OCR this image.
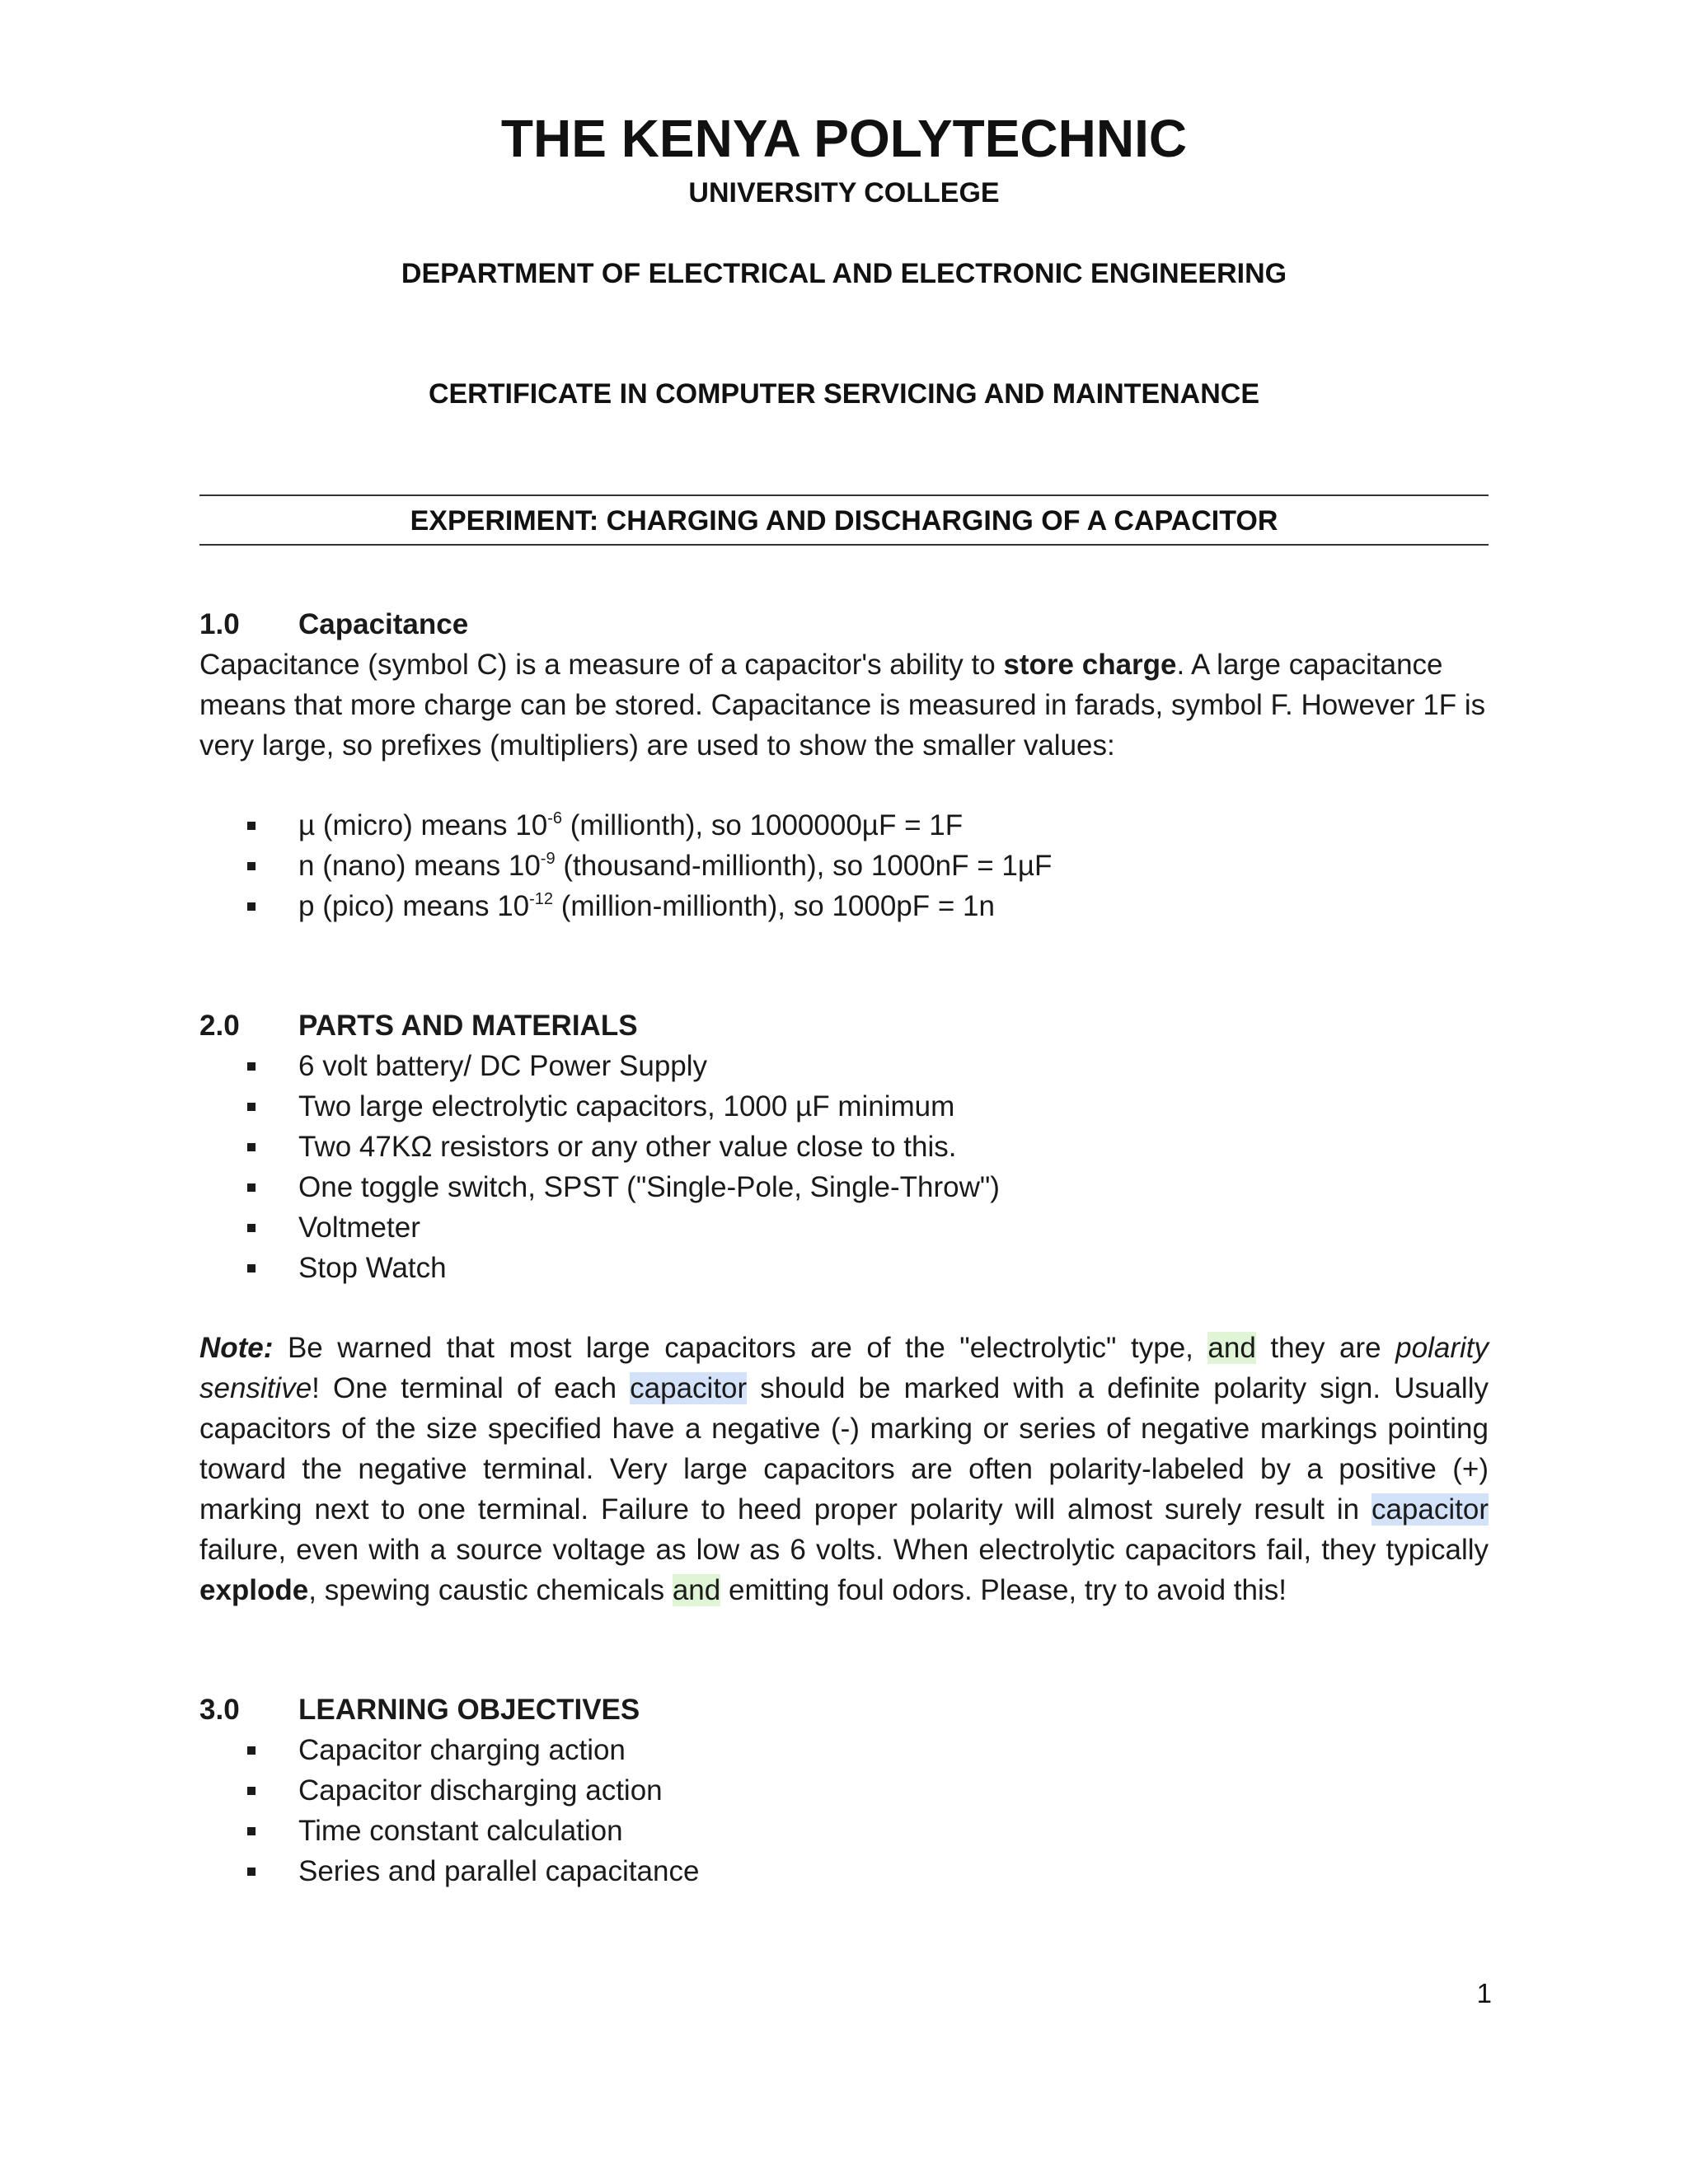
THE KENYA POLYTECHNIC
UNIVERSITY COLLEGE
DEPARTMENT OF ELECTRICAL AND ELECTRONIC ENGINEERING
CERTIFICATE IN COMPUTER SERVICING AND MAINTENANCE
EXPERIMENT: CHARGING AND DISCHARGING OF A CAPACITOR
1.0 Capacitance
Capacitance (symbol C) is a measure of a capacitor's ability to store charge. A large capacitance means that more charge can be stored. Capacitance is measured in farads, symbol F. However 1F is very large, so prefixes (multipliers) are used to show the smaller values:
µ (micro) means $10^{-6}$ (millionth), so 1000000µF = 1F
n (nano) means $10^{-9}$ (thousand-millionth), so 1000nF = 1µF
p (pico) means $10^{-12}$ (million-millionth), so 1000pF = 1n
2.0 PARTS AND MATERIALS
6 volt battery/ DC Power Supply
Two large electrolytic capacitors, 1000 µF minimum
Two 47KΩ resistors or any other value close to this.
One toggle switch, SPST ("Single-Pole, Single-Throw")
Voltmeter
Stop Watch
Note: Be warned that most large capacitors are of the "electrolytic" type, and they are polarity sensitive! One terminal of each capacitor should be marked with a definite polarity sign. Usually capacitors of the size specified have a negative (-) marking or series of negative markings pointing toward the negative terminal. Very large capacitors are often polarity-labeled by a positive (+) marking next to one terminal. Failure to heed proper polarity will almost surely result in capacitor failure, even with a source voltage as low as 6 volts. When electrolytic capacitors fail, they typically explode, spewing caustic chemicals and emitting foul odors. Please, try to avoid this!
3.0 LEARNING OBJECTIVES
Capacitor charging action
Capacitor discharging action
Time constant calculation
Series and parallel capacitance
1
